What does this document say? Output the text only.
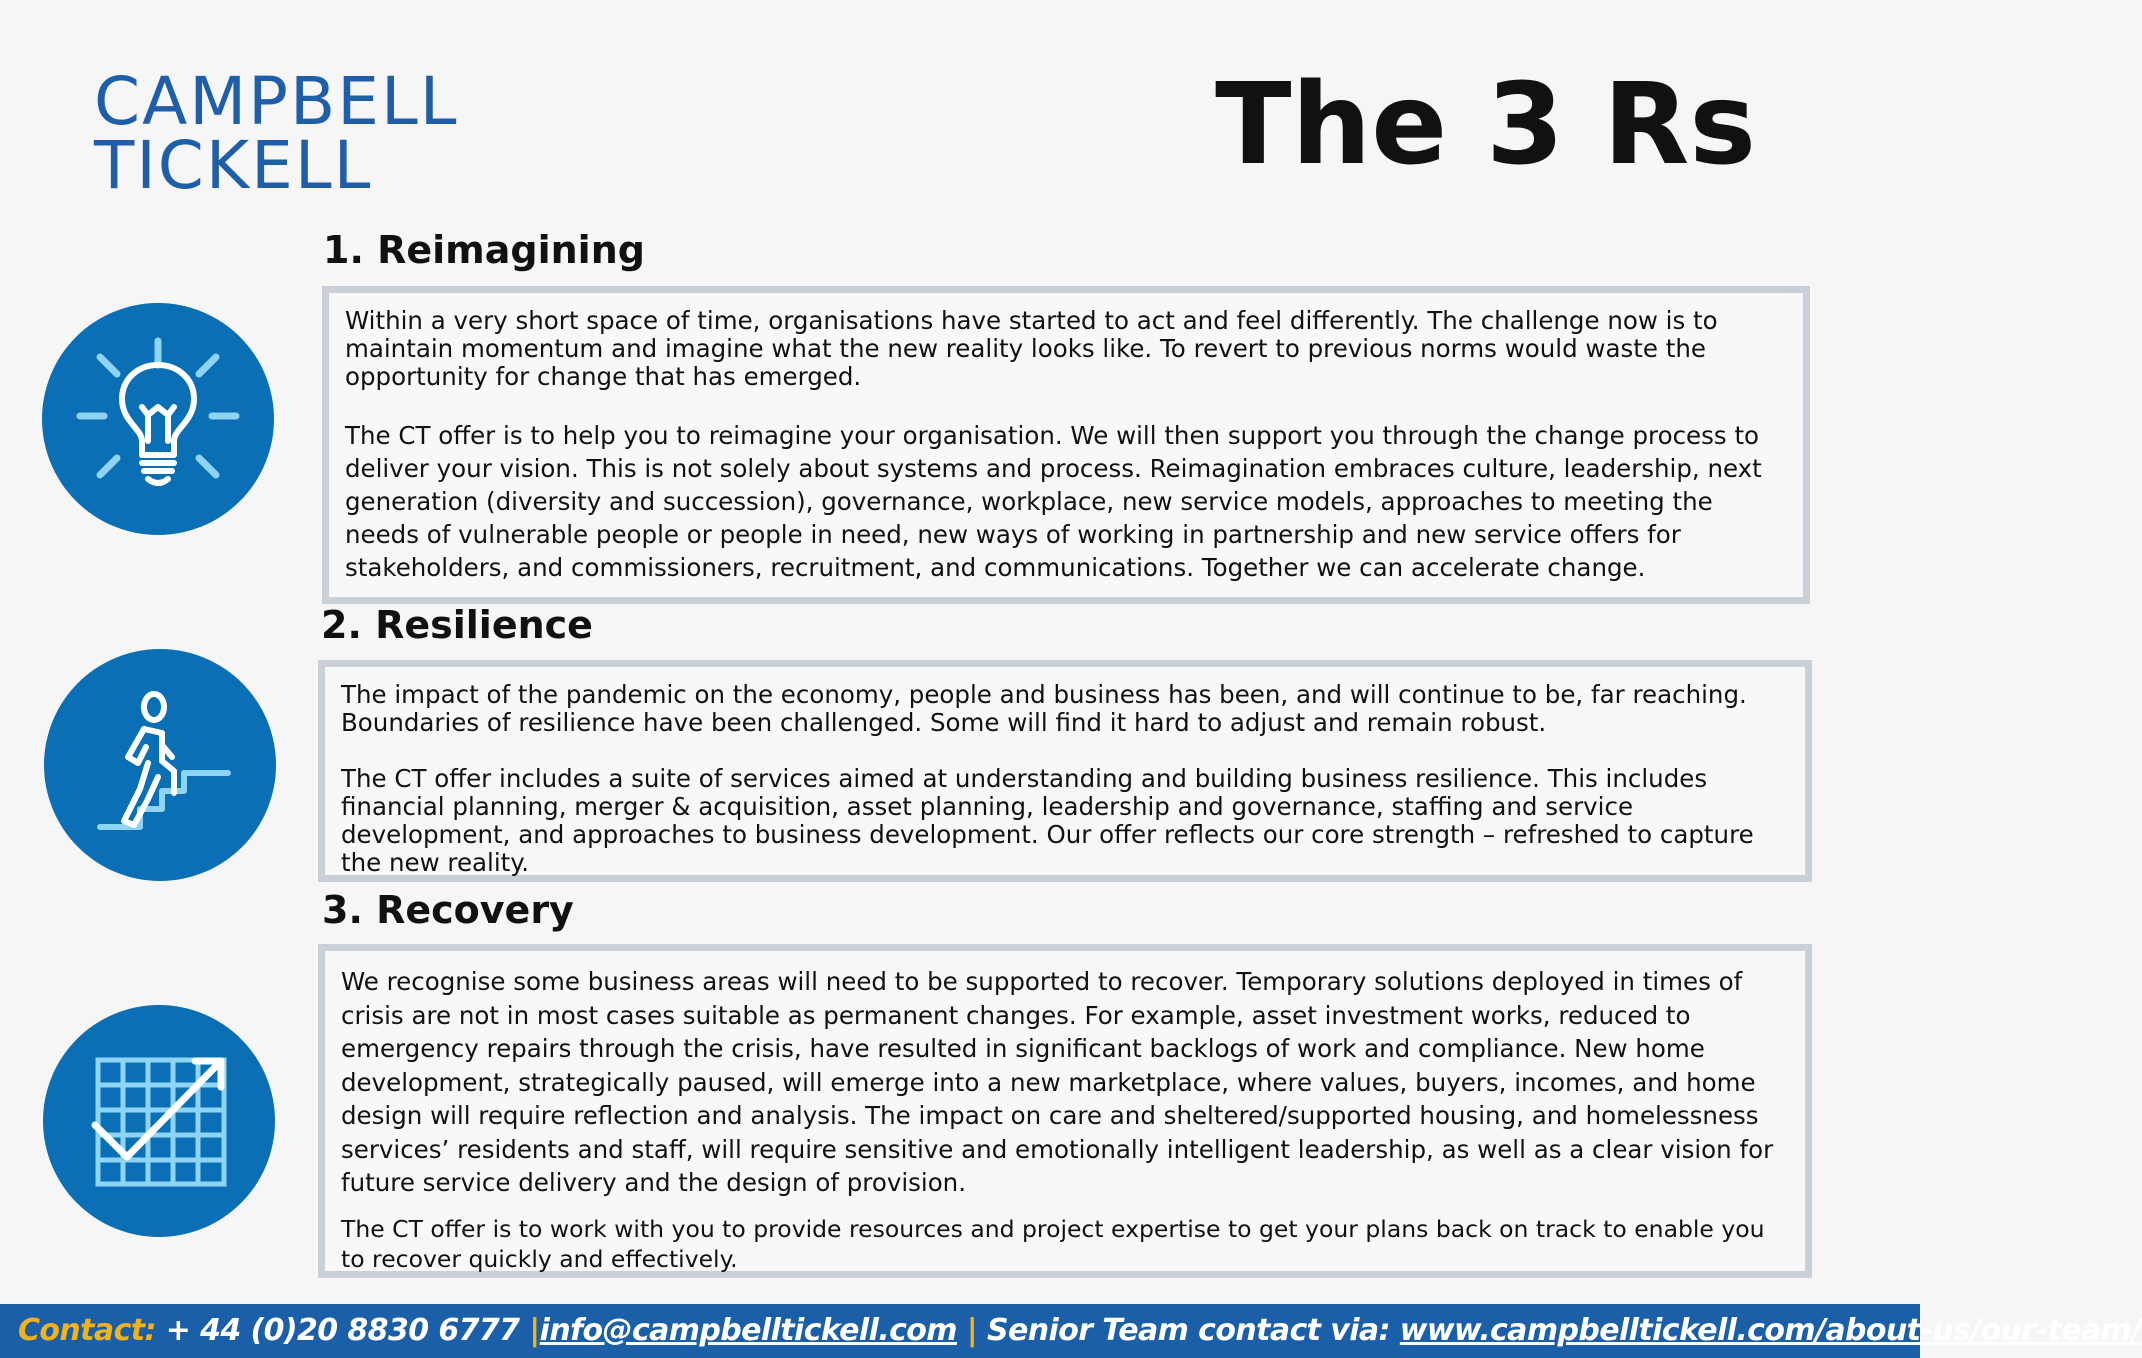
CAMPBELL
TICKELL	The 3 Rs
1. Reimagining

Within a very short space of time, organisations have started to act and feel differently. The challenge now is to maintain momentum and imagine what the new reality looks like. To revert to previous norms would waste the opportunity for change that has emerged.

The CT offer is to help you to reimagine your organisation. We will then support you through the change process to deliver your vision. This is not solely about systems and process. Reimagination embraces culture, leadership, next generation (diversity and succession), governance, workplace, new service models, approaches to meeting the needs of vulnerable people or people in need, new ways of working in partnership and new service offers for stakeholders, and commissioners, recruitment, and communications. Together we can accelerate change.

2. Resilience

The impact of the pandemic on the economy, people and business has been, and will continue to be, far reaching. Boundaries of resilience have been challenged. Some will find it hard to adjust and remain robust.

The CT offer includes a suite of services aimed at understanding and building business resilience. This includes financial planning, merger & acquisition, asset planning, leadership and governance, staffing and service development, and approaches to business development. Our offer reflects our core strength – refreshed to capture the new reality.

3. Recovery

We recognise some business areas will need to be supported to recover. Temporary solutions deployed in times of crisis are not in most cases suitable as permanent changes. For example, asset investment works, reduced to emergency repairs through the crisis, have resulted in significant backlogs of work and compliance. New home development, strategically paused, will emerge into a new marketplace, where values, buyers, incomes, and home design will require reflection and analysis. The impact on care and sheltered/supported housing, and homelessness services’ residents and staff, will require sensitive and emotionally intelligent leadership, as well as a clear vision for future service delivery and the design of provision.

The CT offer is to work with you to provide resources and project expertise to get your plans back on track to enable you to recover quickly and effectively.

Contact: + 44 (0)20 8830 6777 |info@campbelltickell.com | Senior Team contact via: www.campbelltickell.com/about-us/our-team/
